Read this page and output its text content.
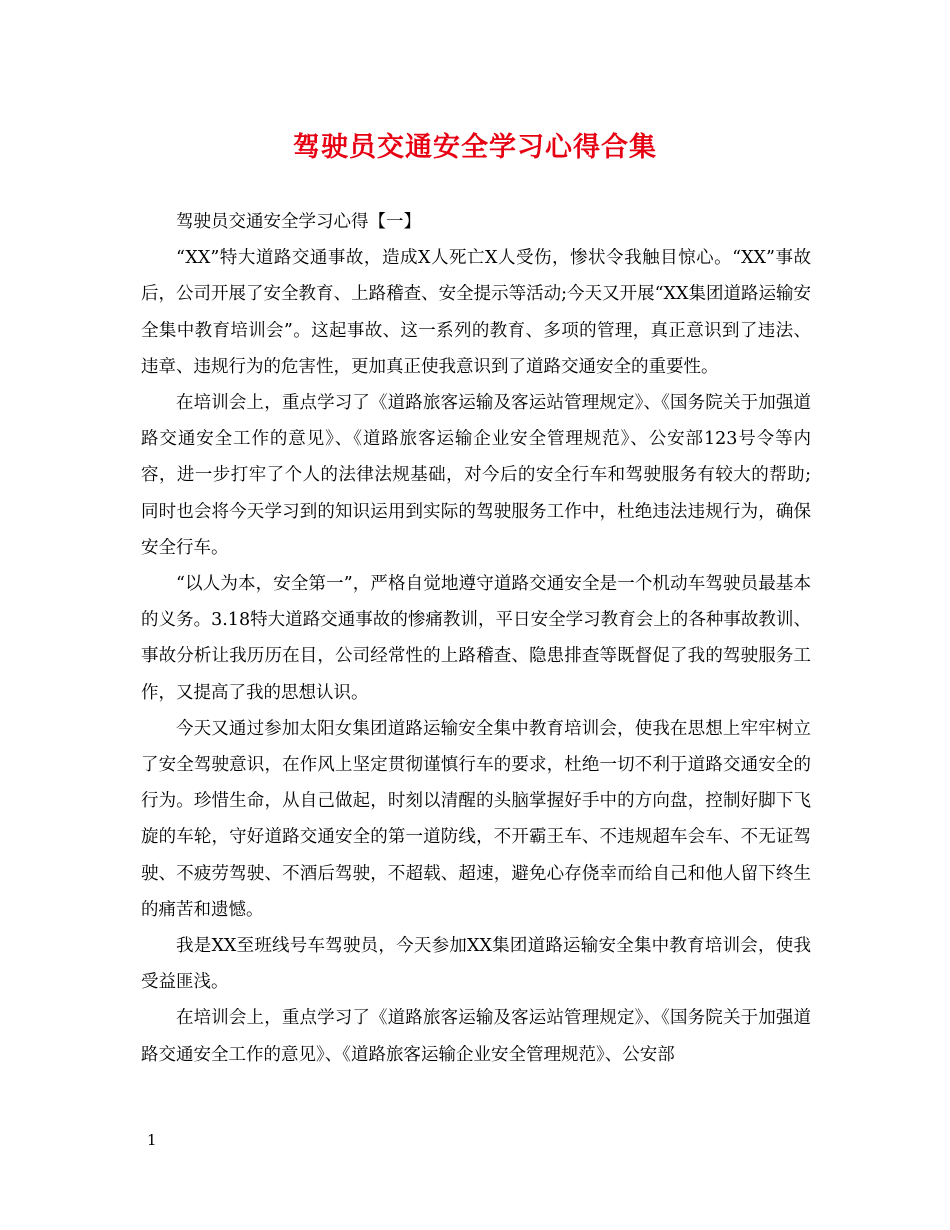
驾驶员交通安全学习心得合集

驾驶员交通安全学习心得【一】

“XX”特大道路交通事故，造成X人死亡X人受伤，惨状令我触目惊心。“XX”事故后，公司开展了安全教育、上路稽查、安全提示等活动;今天又开展“XX集团道路运输安全集中教育培训会”。这起事故、这一系列的教育、多项的管理，真正意识到了违法、违章、违规行为的危害性，更加真正使我意识到了道路交通安全的重要性。

在培训会上，重点学习了《道路旅客运输及客运站管理规定》、《国务院关于加强道路交通安全工作的意见》、《道路旅客运输企业安全管理规范》、公安部123号令等内容，进一步打牢了个人的法律法规基础，对今后的安全行车和驾驶服务有较大的帮助;同时也会将今天学习到的知识运用到实际的驾驶服务工作中，杜绝违法违规行为，确保安全行车。

“以人为本，安全第一”，严格自觉地遵守道路交通安全是一个机动车驾驶员最基本的义务。3.18特大道路交通事故的惨痛教训，平日安全学习教育会上的各种事故教训、事故分析让我历历在目，公司经常性的上路稽查、隐患排查等既督促了我的驾驶服务工作，又提高了我的思想认识。

今天又通过参加太阳女集团道路运输安全集中教育培训会，使我在思想上牢牢树立了安全驾驶意识，在作风上坚定贯彻谨慎行车的要求，杜绝一切不利于道路交通安全的行为。珍惜生命，从自己做起，时刻以清醒的头脑掌握好手中的方向盘，控制好脚下飞旋的车轮，守好道路交通安全的第一道防线，不开霸王车、不违规超车会车、不无证驾驶、不疲劳驾驶、不酒后驾驶，不超载、超速，避免心存侥幸而给自己和他人留下终生的痛苦和遗憾。

我是XX至班线号车驾驶员，今天参加XX集团道路运输安全集中教育培训会，使我受益匪浅。

在培训会上，重点学习了《道路旅客运输及客运站管理规定》、《国务院关于加强道路交通安全工作的意见》、《道路旅客运输企业安全管理规范》、公安部

1
